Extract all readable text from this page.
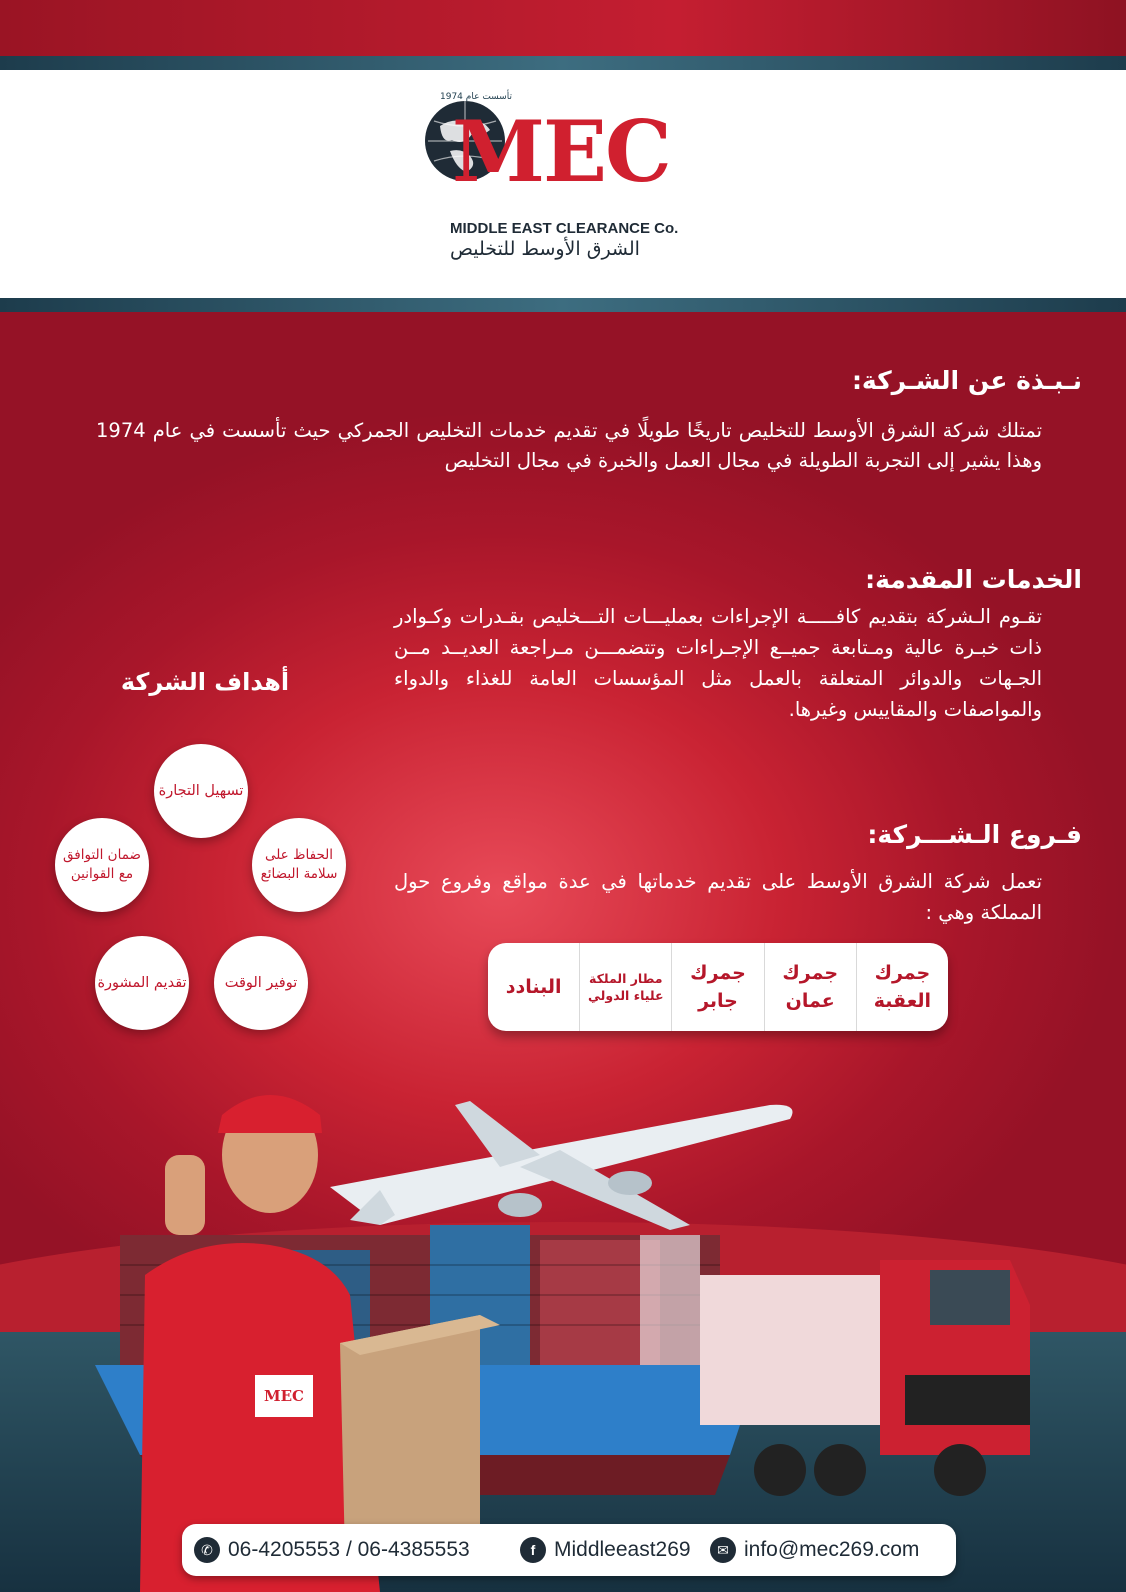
تأسست عام 1974
MEC
MIDDLE EAST CLEARANCE Co.
الشرق الأوسط للتخليص
نـبـذة عن الشـركة:
تمتلك شركة الشرق الأوسط للتخليص تاريخًا طويلًا في تقديم خدمات التخليص الجمركي حيث تأسست في عام 1974 وهذا يشير إلى التجربة الطويلة في مجال العمل والخبرة في مجال التخليص
الخدمات المقدمة:
تقـوم الـشركة بتقديم كافـــــة الإجراءات بعمليـــات التـــخليص بقـدرات وكـوادر ذات خبـرة عالية ومـتابعة جميــع الإجـراءات وتتضمـــن مـراجعة العديــد مــن الجـهات والدوائر المتعلقة بالعمل مثل المؤسسات العامة للغذاء والدواء والمواصفات والمقاييس وغيرها.
فـروع الـشـــركة:
تعمل شركة الشرق الأوسط على تقديم خدماتها في عدة مواقع وفروع حول المملكة وهي :
جمرك العقبة
جمرك عمان
جمرك جابر
مطار الملكة علياء الدولي
البنادد
أهداف الشركة
تسهيل التجارة
الحفاظ على سلامة البضائع
ضمان التوافق مع القوانين
توفير الوقت
تقديم المشورة
MEC
✆ 06-4205553 / 06-4385553	f Middleeast269	✉ info@mec269.com
